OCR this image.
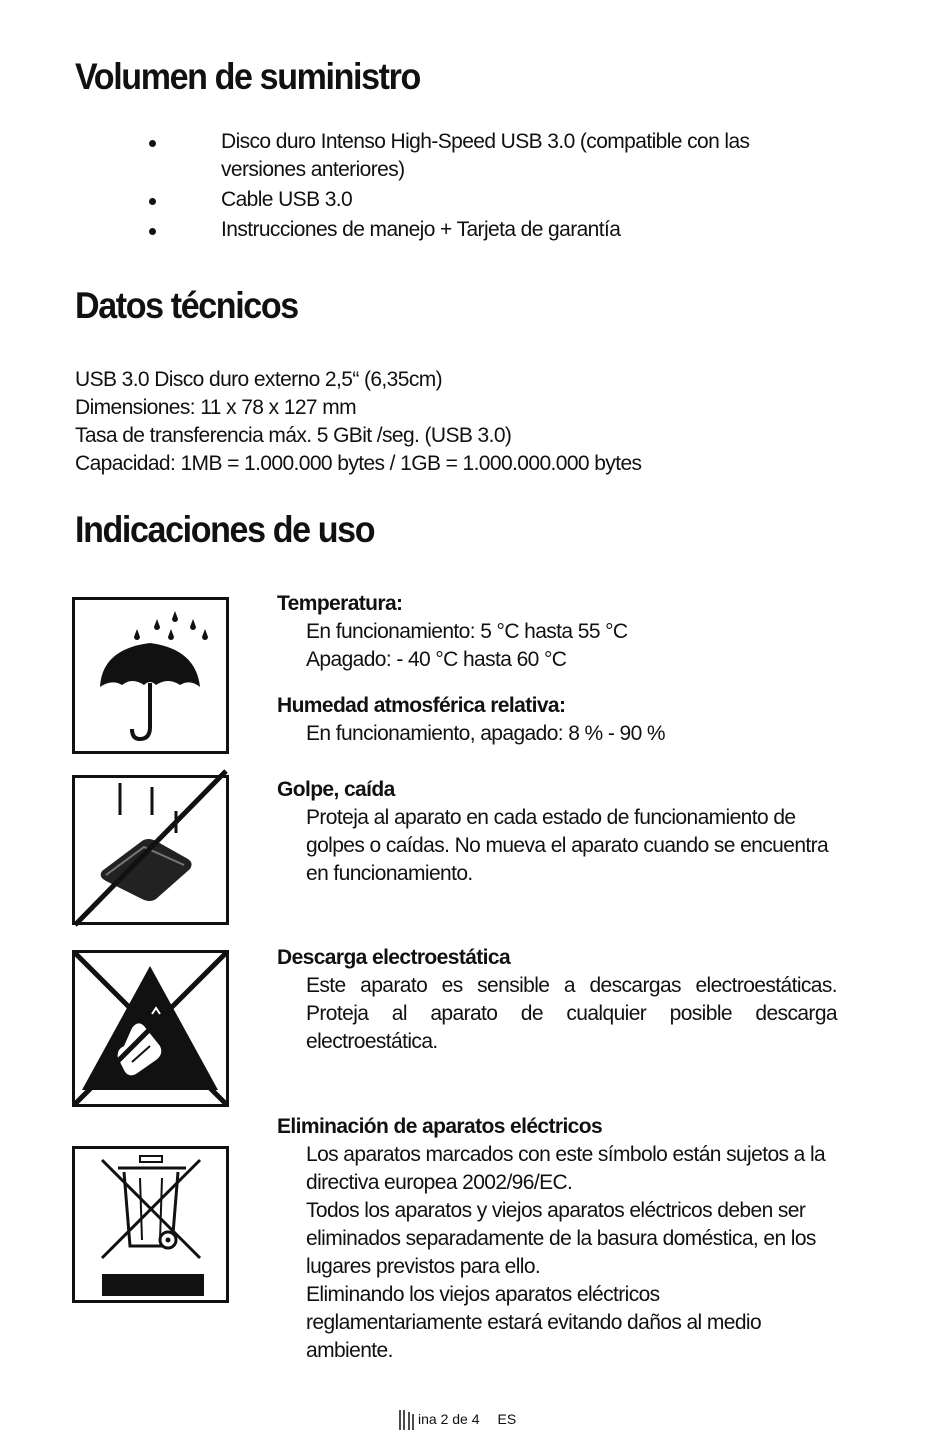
Volumen de suministro
Disco duro Intenso High-Speed USB 3.0 (compatible con las
versiones anteriores)
Cable USB 3.0
Instrucciones de manejo + Tarjeta de garantía
Datos técnicos
USB 3.0 Disco duro externo 2,5“ (6,35cm)
Dimensiones: 11 x 78 x 127 mm
Tasa de transferencia máx. 5 GBit /seg. (USB 3.0)
Capacidad: 1MB = 1.000.000 bytes / 1GB = 1.000.000.000 bytes
Indicaciones de uso
Temperatura:
En funcionamiento: 5 °C hasta 55 °C
Apagado: - 40 °C hasta 60 °C
Humedad atmosférica relativa:
En funcionamiento, apagado: 8 % - 90 %
Golpe, caída
Proteja al aparato en cada estado de funcionamiento de
golpes o caídas. No mueva el aparato cuando se encuentra
en funcionamiento.
Descarga electroestática
Este aparato es sensible a descargas electroestáticas.
Proteja al aparato de cualquier posible descarga
electroestática.
Eliminación de aparatos eléctricos
Los aparatos marcados con este símbolo están sujetos a la
directiva europea 2002/96/EC.
Todos los aparatos y viejos aparatos eléctricos deben ser
eliminados separadamente de la basura doméstica, en los
lugares previstos para ello.
Eliminando los viejos aparatos eléctricos
reglamentariamente estará evitando daños al medio
ambiente.
ina 2 de 4 ES
